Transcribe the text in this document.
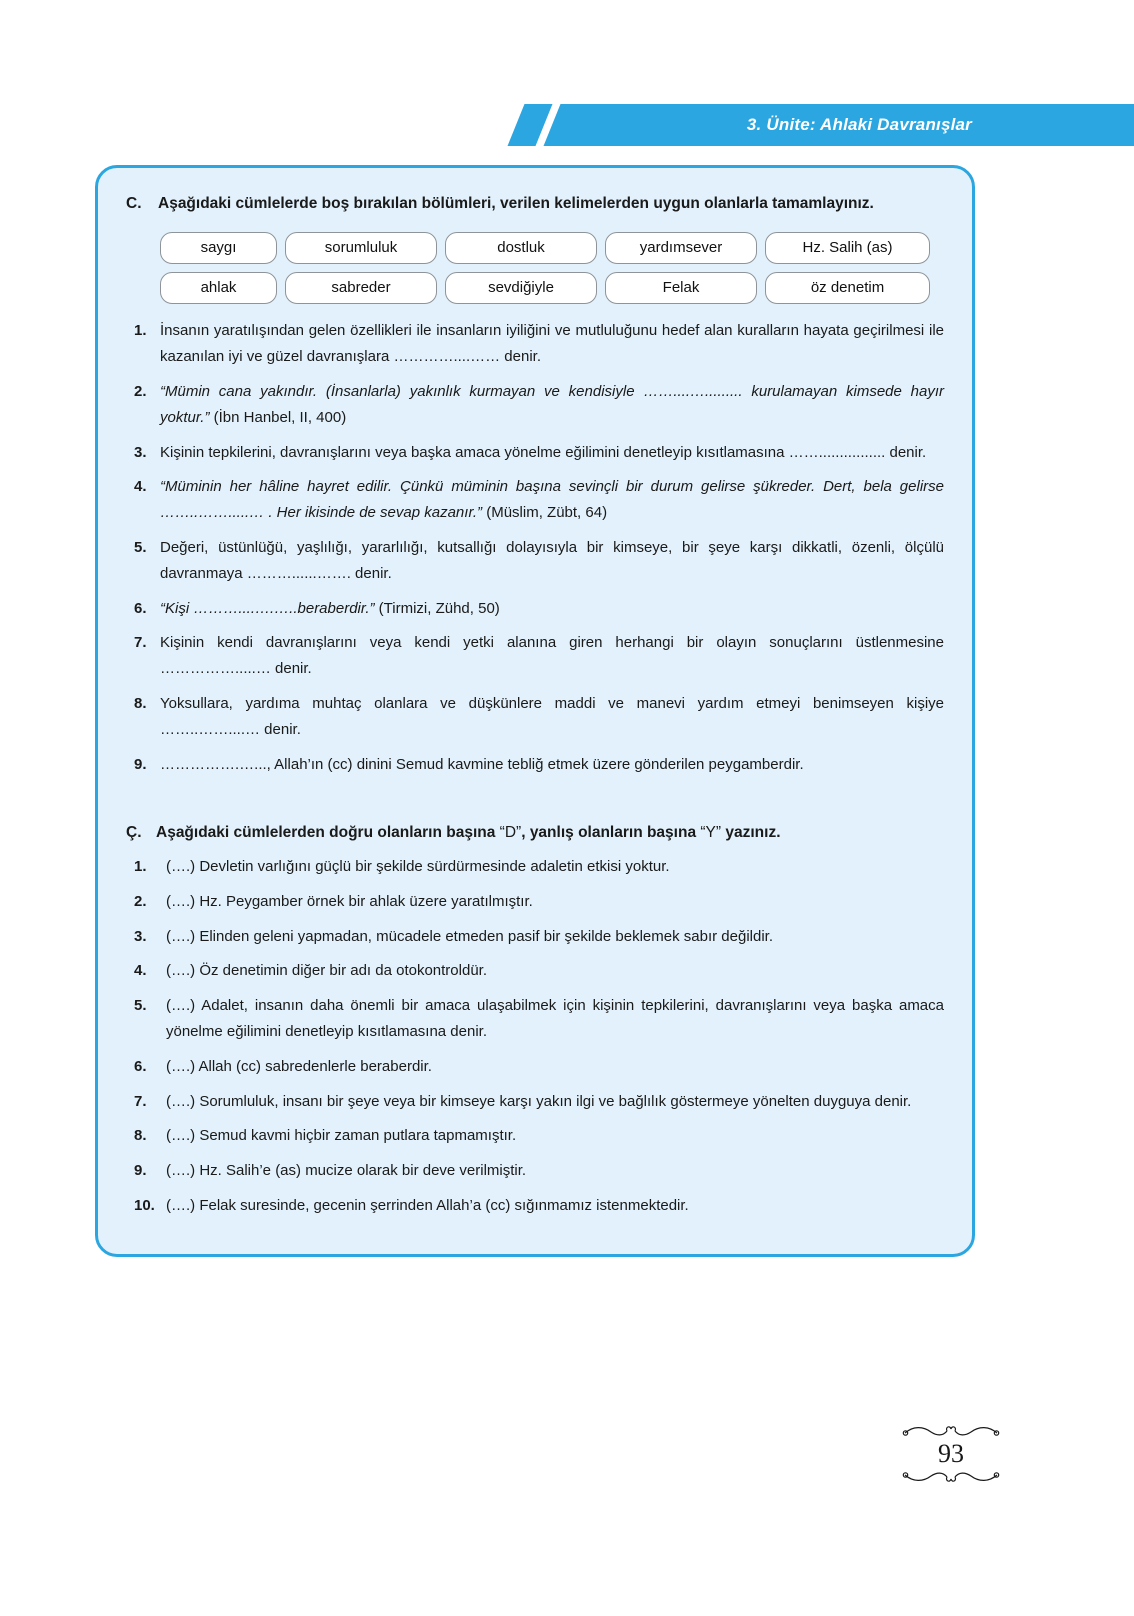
3. Ünite: Ahlaki Davranışlar
C.	Aşağıdaki cümlelerde boş bırakılan bölümleri, verilen kelimelerden uygun olanlarla tamamlayınız.
saygı	sorumluluk	dostluk	yardımsever	Hz. Salih (as)
ahlak	sabreder	sevdiğiyle	Felak	öz denetim
1. İnsanın yaratılışından gelen özellikleri ile insanların iyiliğini ve mutluluğunu hedef alan kuralların hayata geçirilmesi ile kazanılan iyi ve güzel davranışlara …………....…… denir.
2. “Mümin cana yakındır. (İnsanlarla) yakınlık kurmayan ve kendisiyle ……....…......... kurulamayan kimsede hayır yoktur.” (İbn Hanbel, II, 400)
3. Kişinin tepkilerini, davranışlarını veya başka amaca yönelme eğilimini denetleyip kısıtlamasına ……................ denir.
4. “Müminin her hâline hayret edilir. Çünkü müminin başına sevinçli bir durum gelirse şükreder. Dert, bela gelirse ……..…….....… . Her ikisinde de sevap kazanır.” (Müslim, Zübt, 64)
5. Değeri, üstünlüğü, yaşlılığı, yararlılığı, kutsallığı dolayısıyla bir kimseye, bir şeye karşı dikkatli, özenli, ölçülü davranmaya ………......……. denir.
6. “Kişi ………....….…..beraberdir.” (Tirmizi, Zühd, 50)
7. Kişinin kendi davranışlarını veya kendi yetki alanına giren herhangi bir olayın sonuçlarını üstlenmesine …………….....… denir.
8. Yoksullara, yardıma muhtaç olanlara ve düşkünlere maddi ve manevi yardım etmeyi benimseyen kişiye ……..……....… denir.
9. …………….…..., Allah’ın (cc) dinini Semud kavmine tebliğ etmek üzere gönderilen peygamberdir.
Ç. Aşağıdaki cümlelerden doğru olanların başına “D”, yanlış olanların başına “Y” yazınız.
1.	(….) Devletin varlığını güçlü bir şekilde sürdürmesinde adaletin etkisi yoktur.
2.	(….) Hz. Peygamber örnek bir ahlak üzere yaratılmıştır.
3.	(….) Elinden geleni yapmadan, mücadele etmeden pasif bir şekilde beklemek sabır değildir.
4.	(….) Öz denetimin diğer bir adı da otokontroldür.
5.	(….) Adalet, insanın daha önemli bir amaca ulaşabilmek için kişinin tepkilerini, davranışlarını veya başka amaca yönelme eğilimini denetleyip kısıtlamasına denir.
6.	(….) Allah (cc) sabredenlerle beraberdir.
7.	(….) Sorumluluk, insanı bir şeye veya bir kimseye karşı yakın ilgi ve bağlılık göstermeye yönelten duyguya denir.
8.	(….) Semud kavmi hiçbir zaman putlara tapmamıştır.
9.	(….) Hz. Salih’e (as) mucize olarak bir deve verilmiştir.
10. (….) Felak suresinde, gecenin şerrinden Allah’a (cc) sığınmamız istenmektedir.
93
